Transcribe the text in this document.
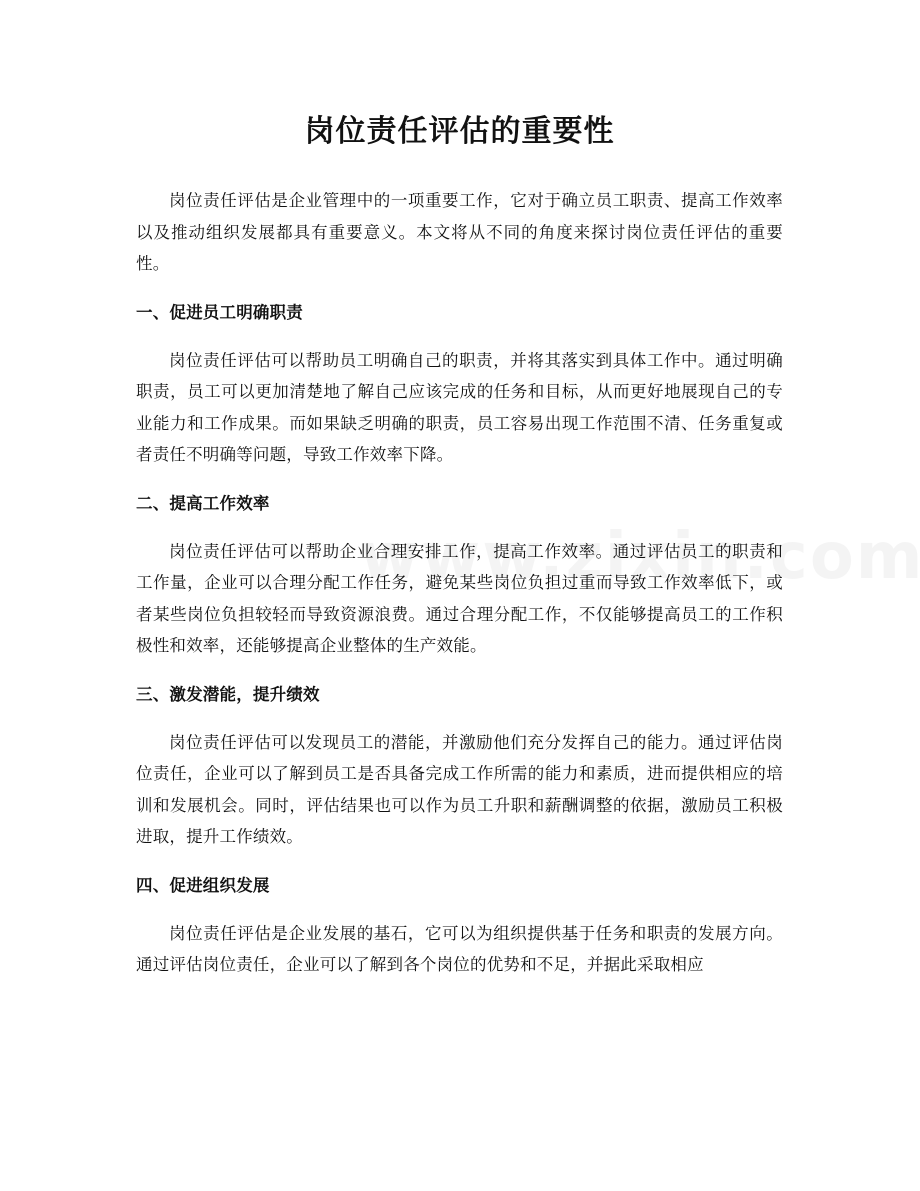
岗位责任评估的重要性

岗位责任评估是企业管理中的一项重要工作，它对于确立员工职责、提高工作效率以及推动组织发展都具有重要意义。本文将从不同的角度来探讨岗位责任评估的重要性。

一、促进员工明确职责

岗位责任评估可以帮助员工明确自己的职责，并将其落实到具体工作中。通过明确职责，员工可以更加清楚地了解自己应该完成的任务和目标，从而更好地展现自己的专业能力和工作成果。而如果缺乏明确的职责，员工容易出现工作范围不清、任务重复或者责任不明确等问题，导致工作效率下降。

二、提高工作效率

岗位责任评估可以帮助企业合理安排工作，提高工作效率。通过评估员工的职责和工作量，企业可以合理分配工作任务，避免某些岗位负担过重而导致工作效率低下，或者某些岗位负担较轻而导致资源浪费。通过合理分配工作，不仅能够提高员工的工作积极性和效率，还能够提高企业整体的生产效能。

三、激发潜能，提升绩效

岗位责任评估可以发现员工的潜能，并激励他们充分发挥自己的能力。通过评估岗位责任，企业可以了解到员工是否具备完成工作所需的能力和素质，进而提供相应的培训和发展机会。同时，评估结果也可以作为员工升职和薪酬调整的依据，激励员工积极进取，提升工作绩效。

四、促进组织发展

岗位责任评估是企业发展的基石，它可以为组织提供基于任务和职责的发展方向。通过评估岗位责任，企业可以了解到各个岗位的优势和不足，并据此采取相应
